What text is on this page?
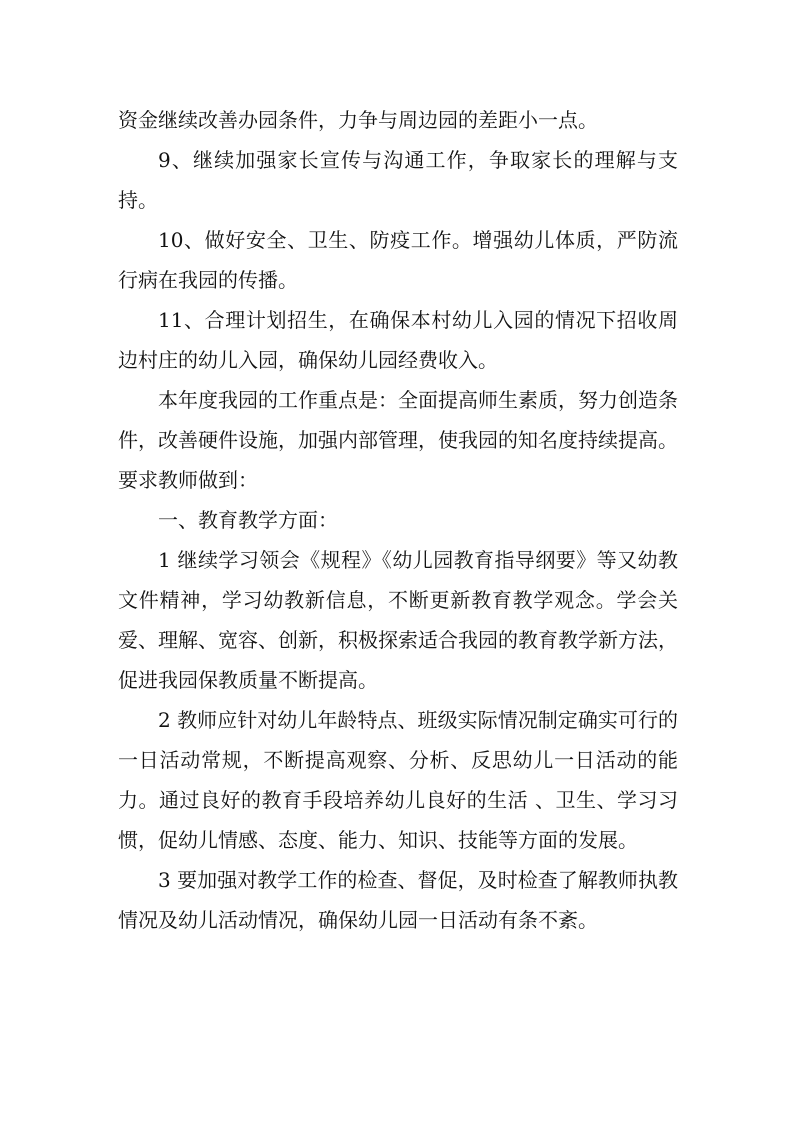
资金继续改善办园条件，力争与周边园的差距小一点。

9、继续加强家长宣传与沟通工作，争取家长的理解与支持。

10、做好安全、卫生、防疫工作。增强幼儿体质，严防流行病在我园的传播。

11、合理计划招生，在确保本村幼儿入园的情况下招收周边村庄的幼儿入园，确保幼儿园经费收入。

本年度我园的工作重点是：全面提高师生素质，努力创造条件，改善硬件设施，加强内部管理，使我园的知名度持续提高。要求教师做到：

一、教育教学方面：

1 继续学习领会《规程》《幼儿园教育指导纲要》等又幼教文件精神，学习幼教新信息，不断更新教育教学观念。学会关爱、理解、宽容、创新，积极探索适合我园的教育教学新方法，促进我园保教质量不断提高。

2 教师应针对幼儿年龄特点、班级实际情况制定确实可行的一日活动常规，不断提高观察、分析、反思幼儿一日活动的能力。通过良好的教育手段培养幼儿良好的生活 、卫生、学习习惯，促幼儿情感、态度、能力、知识、技能等方面的发展。

3 要加强对教学工作的检查、督促，及时检查了解教师执教情况及幼儿活动情况，确保幼儿园一日活动有条不紊。
